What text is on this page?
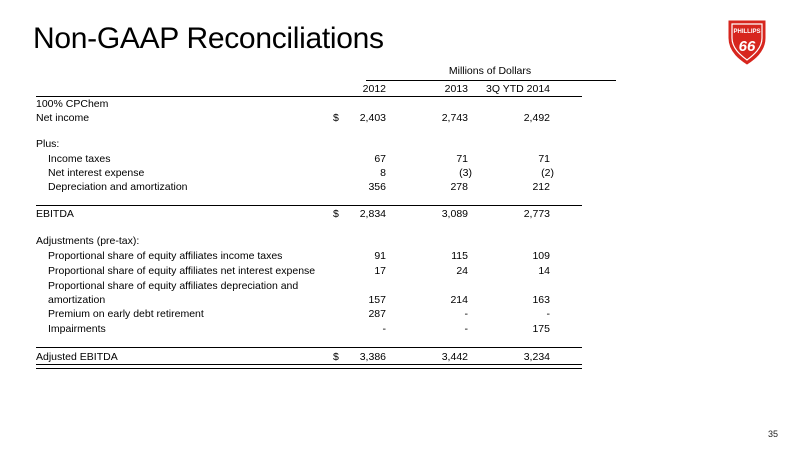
Non-GAAP Reconciliations	PHILLIPS
66
Millions of Dollars
2012	2013 3Q YTD 2014
100% CPChem
Net income	$ 2,403	2,743	2,492
Plus:
Income taxes	67	71	71
Net interest expense	8	(3)	(2)
Depreciation and amortization	356	278	212
EBITDA	$ 2,834	3,089	2,773
Adjustments (pre-tax):
Proportional share of equity affiliates income taxes	91	115	109
Proportional share of equity affiliates net interest expense	17	24	14
Proportional share of equity affiliates depreciation and
amortization	157	214	163
Premium on early debt retirement	287	-	-
Impairments	-	-	175
Adjusted EBITDA	$ 3,386	3,442	3,234
35
